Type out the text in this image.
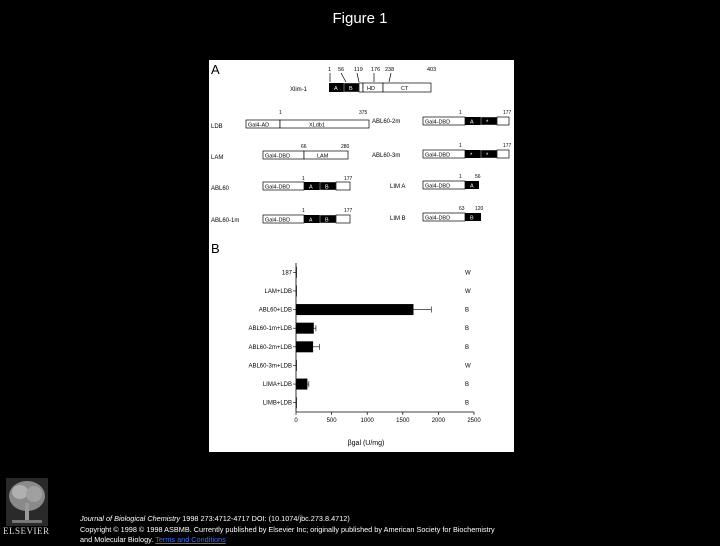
Figure 1
A
B
1 56 119 176 238	403
Xlim-1	A B	HD	CT
LDB
1	375
Gal4-AD	XLdb1
LAM
66	280
Gal4-DBD	LAM
ABL60
1	177
Gal4-DBD	A B
ABL60-1m
1	177
Gal4-DBD	A B
ABL60-2m
1	177
Gal4-DBD	A *
ABL60-3m
1	177
Gal4-DBD	* *
LIM A
1	56
Gal4-DBD	A
LIM B
63 120
Gal4-DBD	B
βgal (U/mg)
0	500	1000	1500	2000	2500
187	W
LAM+LDB	W
ABL60+LDB	B
ABL60-1m+LDB	B
ABL60-2m+LDB	B
ABL60-3m+LDB	W
LIMA+LDB	B
LIMB+LDB	B
ELSEVIER
Journal of Biological Chemistry 1998 273:4712-4717 DOI: (10.1074/jbc.273.8.4712)
Copyright © 1998 © 1998 ASBMB. Currently published by Elsevier Inc; originally published by American Society for Biochemistry and Molecular Biology. Terms and Conditions
